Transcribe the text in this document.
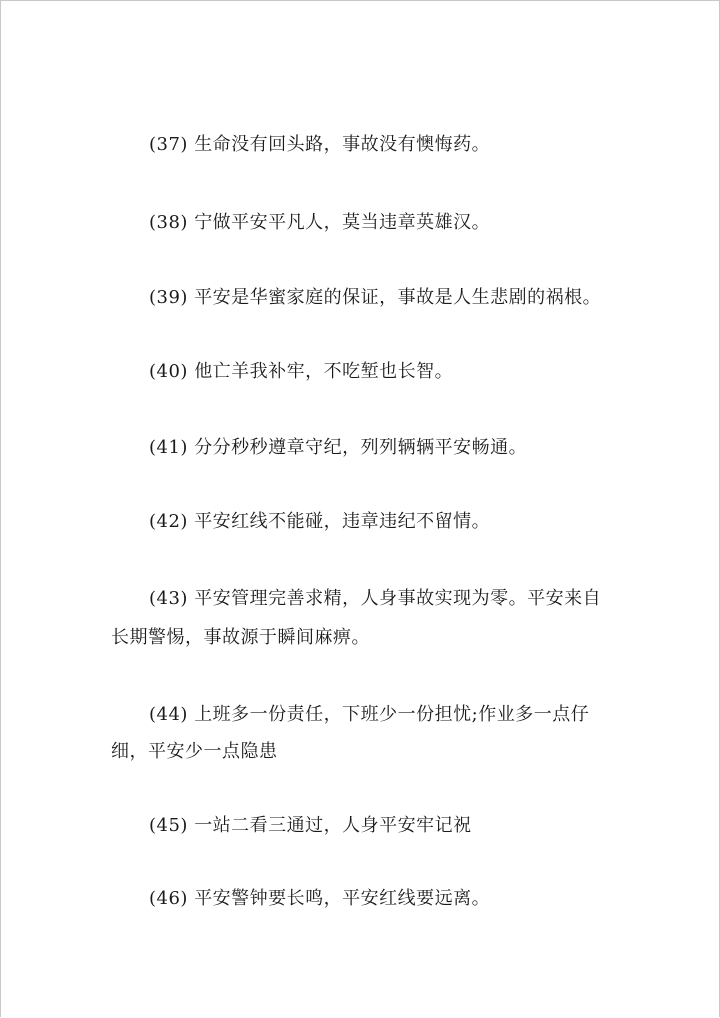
(37) 生命没有回头路，事故没有懊悔药。
(38) 宁做平安平凡人，莫当违章英雄汉。
(39) 平安是华蜜家庭的保证，事故是人生悲剧的祸根。
(40) 他亡羊我补牢，不吃堑也长智。
(41) 分分秒秒遵章守纪，列列辆辆平安畅通。
(42) 平安红线不能碰，违章违纪不留情。
(43) 平安管理完善求精，人身事故实现为零。平安来自
长期警惕，事故源于瞬间麻痹。
(44) 上班多一份责任，下班少一份担忧;作业多一点仔
细，平安少一点隐患
(45) 一站二看三通过，人身平安牢记祝
(46) 平安警钟要长鸣，平安红线要远离。
